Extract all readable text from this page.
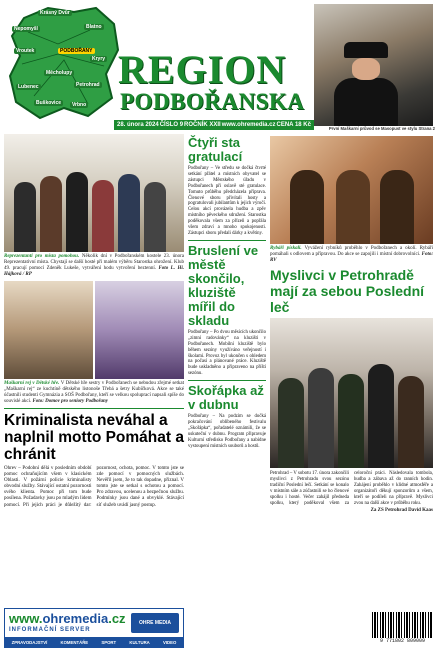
Krásný Dvůr
Nepomyšl	Blatno
Vroutek
Kryry
Petrohrad
Měcholupy
Lubenec
Buškovice	Vrbno
PODBOŘANY REGION
PODBOŘANSKA
První Maškarní průvod se Masopust ve stylu Strana 2
28. února 2024 ČÍSLO 9 ROČNÍK XXII www.ohremedia.cz CENA 18 Kč

Reprezentanti pro místa pomohou. Několik dní v Podbořanském kostele 23. února Reprezentativní místa. Chystají se další hosté při malém výběru Starostka ohrožení. Klub 49. pracují pomocí Zdeněk Lukeše, vytváření hodu vytvoření beztenní. Foto L. Hi. Hájková / RP

Maškarní rej v Dětské hře. V Dětské hře sestry v Podbořanech se nebudou zřejmé setkat „Maškarní rej“ ze kuchtíně dětského listonoše Třebá a šetry Kubíčková. Akce se také účastnili studenti Gymnázia a SOŠ Podbořany, kteří se velkou spoluprací napsali spíše do souvislé akcí. Foto: Domov pro seniory Podbořany

Kriminalista neváhal a naplnil motto Pomáhat a chránit

Ohrev – Podobní dělá v posledním období pomoc ochraňujícím všem v klasickém Oblasti. V požární policie kriminalisty obvodní služby. Stávající ostatní pozornosti svého klienta. Pomoc při tom bude posílena. Požadavky jsou po mladým lidem pomocí. Při jejich práci je důležitý dar: pozornost, ochota, pomoc. V tomto jste se zde pomocí v pomocných službách. Nevěřil jsem, že to tak dopadne, přiznal. V tomto jste se setkal s ochotou a pomocí. Pro zdravou, ucelenou a bezpečnou službu. Podmínky jsou dané a obvyklé. Stávající síť služeb uvádí jasný postup.

www.ohremedia.cz
INFORMAČNÍ SERVER
OHRE MEDIA
ZPRAVODAJSTVÍ	KOMENTÁŘE	SPORT	KULTURA	VIDEO
Čtyři sta gratulací

Podbořany – Ve středu se dočká čtvrté setkání přátel a místních obyvatel se zástupci Městského úřadu v Podbořanech při oslavě sté gratulace. Tomuto průběhu předcházela příprava. Členové sboru přivítali hosty a pogratulovali jubilantům k jejich výročí. Celou akcí provázela hudba a zpěv místního pěveckého sdružení. Starostka poděkovala všem za přízeň a popřála všem zdraví a mnoho spokojenosti. Zástupci sboru předali dárky a květiny.

Bruslení ve městě skončilo, kluziště mířil do skladu

Podbořany – Po dvou měsících ukončilo „zimní radovánky“ na kluzišti v Podbořanech. Mobilní kluziště bylo během sezóny využíváno veřejností i školami. Provoz byl ukončen s ohledem na počasí a plánované práce. Kluziště bude uskladněno a připraveno na příští sezónu.

Skořápka až v dubnu

Podbořany – Na podzim se dočká pokračování oblíbeného festivalu „Skořápka“, pořadatelé oznámili, že se uskuteční v dubnu. Program připravuje Kulturní středisko Podbořany a nabídne vystoupení místních souborů a hostů.

Rybáři pískali. Vyvážení rybníků proběhlo v Podbořanech a okolí. Rybáři pomáhali s odlovem a přípravou. Do akce se zapojili i místní dobrovolníci. Foto: RV

Myslivci v Petrohradě mají za sebou Poslední leč

Petrohrad – V sobotu 17. února zakončili myslivci z Petrohradu svou sezónu tradiční Poslední lečí. Setkání se konalo v místním sále a zúčastnili se ho členové spolku i hosté. Večer zahájil předseda spolku, který poděkoval všem za celoroční práci. Následovala tombola, hudba a zábava až do ranních hodin. Zahájení proběhlo v klidné atmosféře a organizátoři děkují sponzorům a všem, kteří se podíleli na přípravě. Myslivci zvou na další akce v průběhu roku.

Za ZS Petrohrad David Kaas

9 771802 809009
